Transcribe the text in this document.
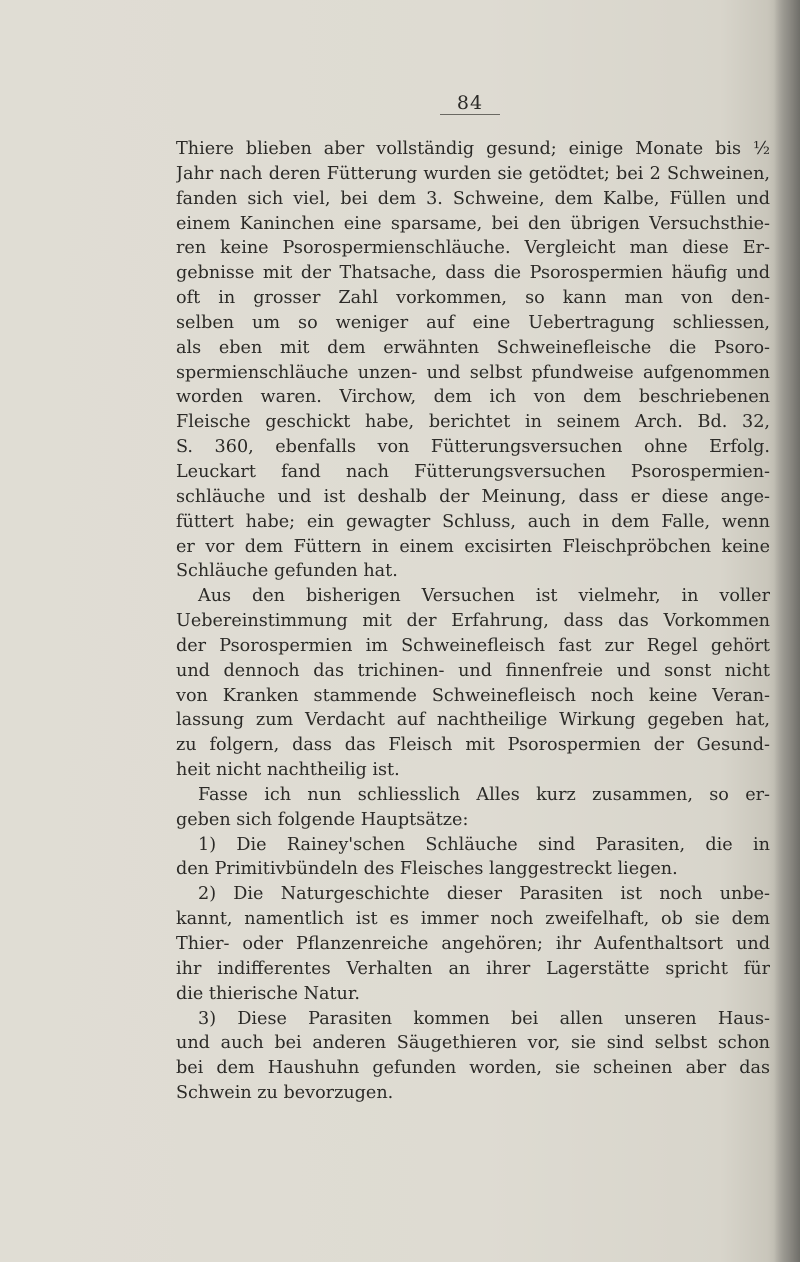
84
Thiere blieben aber vollständig gesund; einige Monate bis ½
Jahr nach deren Fütterung wurden sie getödtet; bei 2 Schweinen,
fanden sich viel, bei dem 3. Schweine, dem Kalbe, Füllen und
einem Kaninchen eine sparsame, bei den übrigen Versuchsthie-
ren keine Psorospermienschläuche. Vergleicht man diese Er-
gebnisse mit der Thatsache, dass die Psorospermien häufig und
oft in grosser Zahl vorkommen, so kann man von den-
selben um so weniger auf eine Uebertragung schliessen,
als eben mit dem erwähnten Schweinefleische die Psoro-
spermienschläuche unzen- und selbst pfundweise aufgenommen
worden waren. Virchow, dem ich von dem beschriebenen
Fleische geschickt habe, berichtet in seinem Arch. Bd. 32,
S. 360, ebenfalls von Fütterungsversuchen ohne Erfolg.
Leuckart fand nach Fütterungsversuchen Psorospermien-
schläuche und ist deshalb der Meinung, dass er diese ange-
füttert habe; ein gewagter Schluss, auch in dem Falle, wenn
er vor dem Füttern in einem excisirten Fleischpröbchen keine
Schläuche gefunden hat.
Aus den bisherigen Versuchen ist vielmehr, in voller
Uebereinstimmung mit der Erfahrung, dass das Vorkommen
der Psorospermien im Schweinefleisch fast zur Regel gehört
und dennoch das trichinen- und finnenfreie und sonst nicht
von Kranken stammende Schweinefleisch noch keine Veran-
lassung zum Verdacht auf nachtheilige Wirkung gegeben hat,
zu folgern, dass das Fleisch mit Psorospermien der Gesund-
heit nicht nachtheilig ist.
Fasse ich nun schliesslich Alles kurz zusammen, so er-
geben sich folgende Hauptsätze:
1) Die Rainey'schen Schläuche sind Parasiten, die in
den Primitivbündeln des Fleisches langgestreckt liegen.
2) Die Naturgeschichte dieser Parasiten ist noch unbe-
kannt, namentlich ist es immer noch zweifelhaft, ob sie dem
Thier- oder Pflanzenreiche angehören; ihr Aufenthaltsort und
ihr indifferentes Verhalten an ihrer Lagerstätte spricht für
die thierische Natur.
3) Diese Parasiten kommen bei allen unseren Haus-
und auch bei anderen Säugethieren vor, sie sind selbst schon
bei dem Haushuhn gefunden worden, sie scheinen aber das
Schwein zu bevorzugen.
